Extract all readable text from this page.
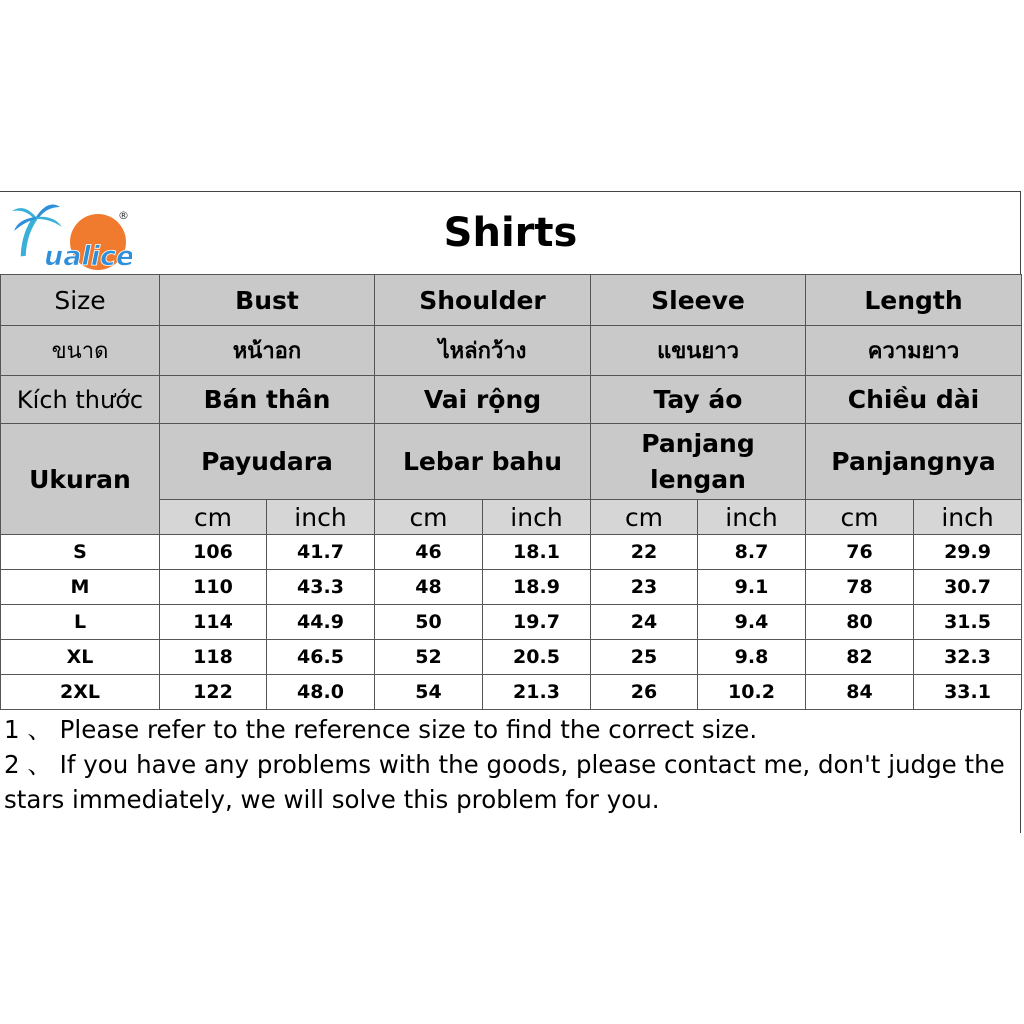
ualice
®	Shirts
Size	Bust		Shoulder		Sleeve		Length	
ขนาด	หน้าอก		ไหล่กว้าง		แขนยาว		ความยาว	
Kích thước	Bán thân		Vai rộng		Tay áo		Chiều dài	
Ukuran	Payudara		Lebar bahu		Panjang lengan		Panjangnya	
	cm	inch	cm	inch	cm	inch	cm	inch
S	106	41.7	46	18.1	22	8.7	76	29.9
M	110	43.3	48	18.9	23	9.1	78	30.7
L	114	44.9	50	19.7	24	9.4	80	31.5
XL	118	46.5	52	20.5	25	9.8	82	32.3
2XL	122	48.0	54	21.3	26	10.2	84	33.1

1 、 Please refer to the reference size to find the correct size.

2 、 If you have any problems with the goods, please contact me, don't judge the stars immediately, we will solve this problem for you.
